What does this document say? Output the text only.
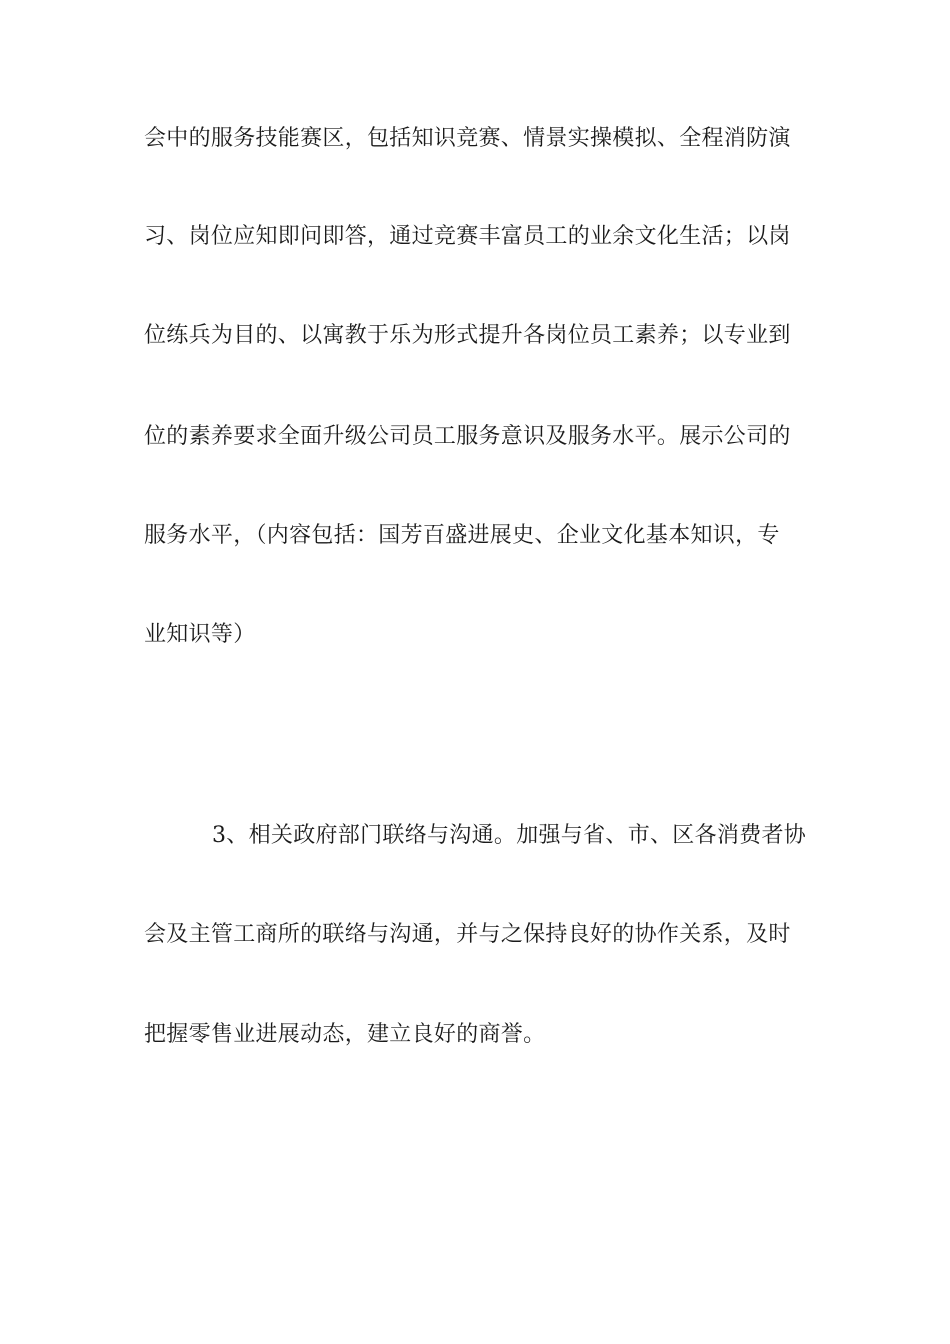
会中的服务技能赛区，包括知识竞赛、情景实操模拟、全程消防演
习、岗位应知即问即答，通过竞赛丰富员工的业余文化生活；以岗
位练兵为目的、以寓教于乐为形式提升各岗位员工素养；以专业到
位的素养要求全面升级公司员工服务意识及服务水平。展示公司的
服务水平，（内容包括：国芳百盛进展史、企业文化基本知识，专
业知识等）
3、相关政府部门联络与沟通。加强与省、市、区各消费者协
会及主管工商所的联络与沟通，并与之保持良好的协作关系，及时
把握零售业进展动态，建立良好的商誉。
